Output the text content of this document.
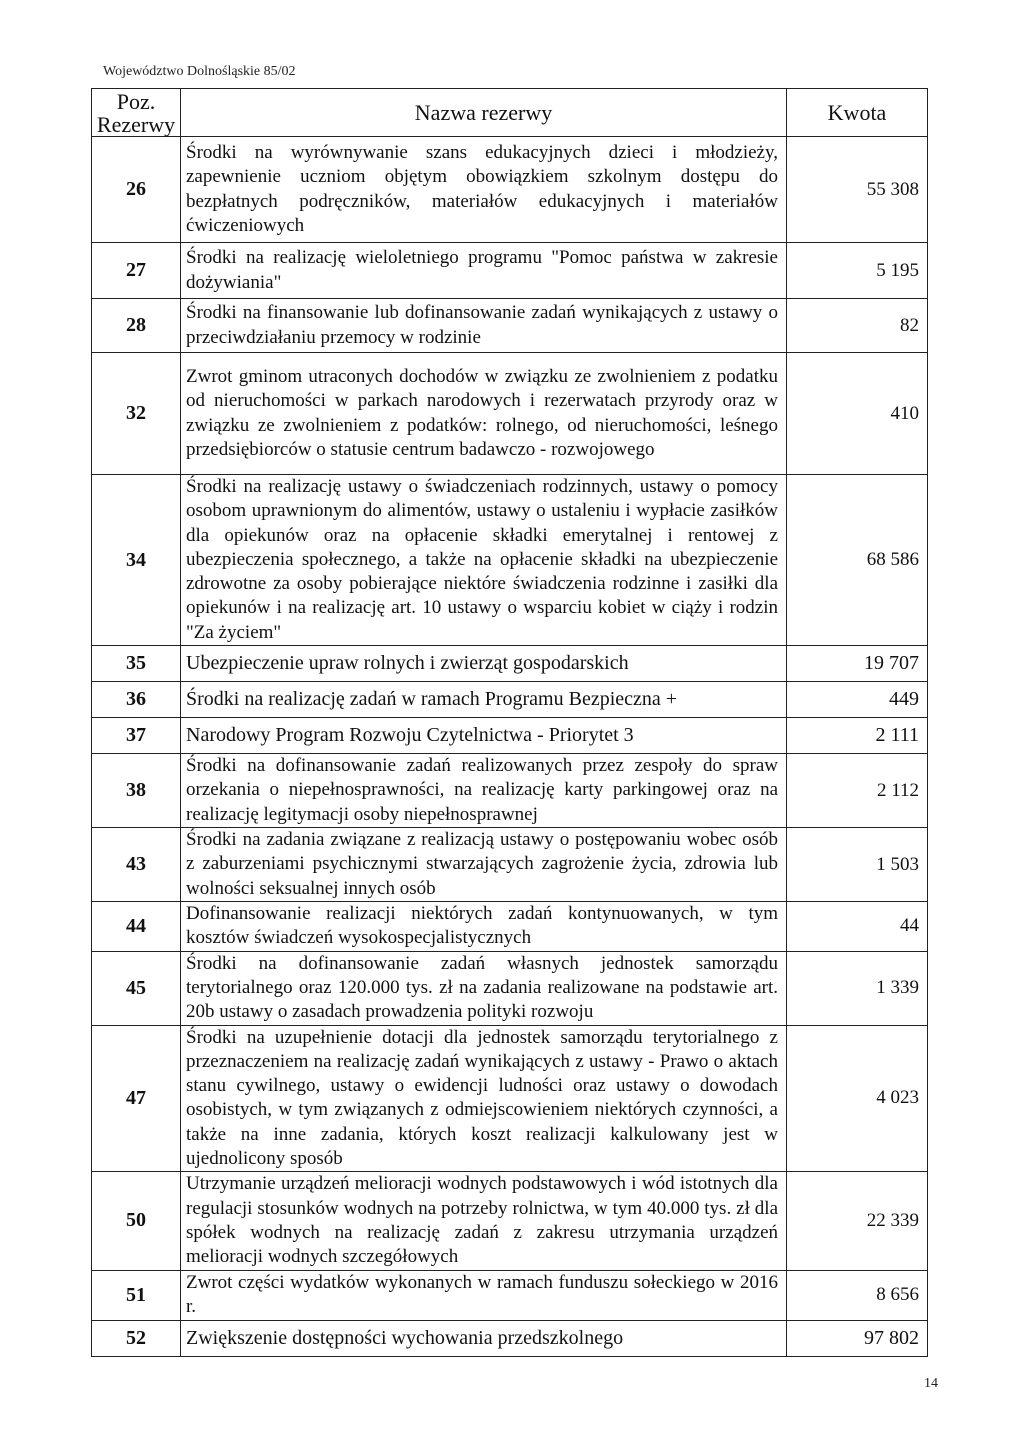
Województwo Dolnośląskie 85/02
Poz. Rezerwy	Nazwa rezerwy	Kwota
26	Środki na wyrównywanie szans edukacyjnych dzieci i młodzieży, zapewnienie uczniom objętym obowiązkiem szkolnym dostępu do bezpłatnych podręczników, materiałów edukacyjnych i materiałów ćwiczeniowych	55 308
27	Środki na realizację wieloletniego programu "Pomoc państwa w zakresie dożywiania"	5 195
28	Środki na finansowanie lub dofinansowanie zadań wynikających z ustawy o przeciwdziałaniu przemocy w rodzinie	82
32	Zwrot gminom utraconych dochodów w związku ze zwolnieniem z podatku od nieruchomości w parkach narodowych i rezerwatach przyrody oraz w związku ze zwolnieniem z podatków: rolnego, od nieruchomości, leśnego przedsiębiorców o statusie centrum badawczo - rozwojowego	410
34	Środki na realizację ustawy o świadczeniach rodzinnych, ustawy o pomocy osobom uprawnionym do alimentów, ustawy o ustaleniu i wypłacie zasiłków dla opiekunów oraz na opłacenie składki emerytalnej i rentowej z ubezpieczenia społecznego, a także na opłacenie składki na ubezpieczenie zdrowotne za osoby pobierające niektóre świadczenia rodzinne i zasiłki dla opiekunów i na realizację art. 10 ustawy o wsparciu kobiet w ciąży i rodzin "Za życiem"	68 586
35	Ubezpieczenie upraw rolnych i zwierząt gospodarskich	19 707
36	Środki na realizację zadań w ramach Programu Bezpieczna +	449
37	Narodowy Program Rozwoju Czytelnictwa - Priorytet 3	2 111
38	Środki na dofinansowanie zadań realizowanych przez zespoły do spraw orzekania o niepełnosprawności, na realizację karty parkingowej oraz na realizację legitymacji osoby niepełnosprawnej	2 112
43	Środki na zadania związane z realizacją ustawy o postępowaniu wobec osób z zaburzeniami psychicznymi stwarzających zagrożenie życia, zdrowia lub wolności seksualnej innych osób	1 503
44	Dofinansowanie realizacji niektórych zadań kontynuowanych, w tym kosztów świadczeń wysokospecjalistycznych	44
45	Środki na dofinansowanie zadań własnych jednostek samorządu terytorialnego oraz 120.000 tys. zł na zadania realizowane na podstawie art. 20b ustawy o zasadach prowadzenia polityki rozwoju	1 339
47	Środki na uzupełnienie dotacji dla jednostek samorządu terytorialnego z przeznaczeniem na realizację zadań wynikających z ustawy - Prawo o aktach stanu cywilnego, ustawy o ewidencji ludności oraz ustawy o dowodach osobistych, w tym związanych z odmiejscowieniem niektórych czynności, a także na inne zadania, których koszt realizacji kalkulowany jest w ujednolicony sposób	4 023
50	Utrzymanie urządzeń melioracji wodnych podstawowych i wód istotnych dla regulacji stosunków wodnych na potrzeby rolnictwa, w tym 40.000 tys. zł dla spółek wodnych na realizację zadań z zakresu utrzymania urządzeń melioracji wodnych szczegółowych	22 339
51	Zwrot części wydatków wykonanych w ramach funduszu sołeckiego w 2016 r.	8 656
52	Zwiększenie dostępności wychowania przedszkolnego	97 802
14
